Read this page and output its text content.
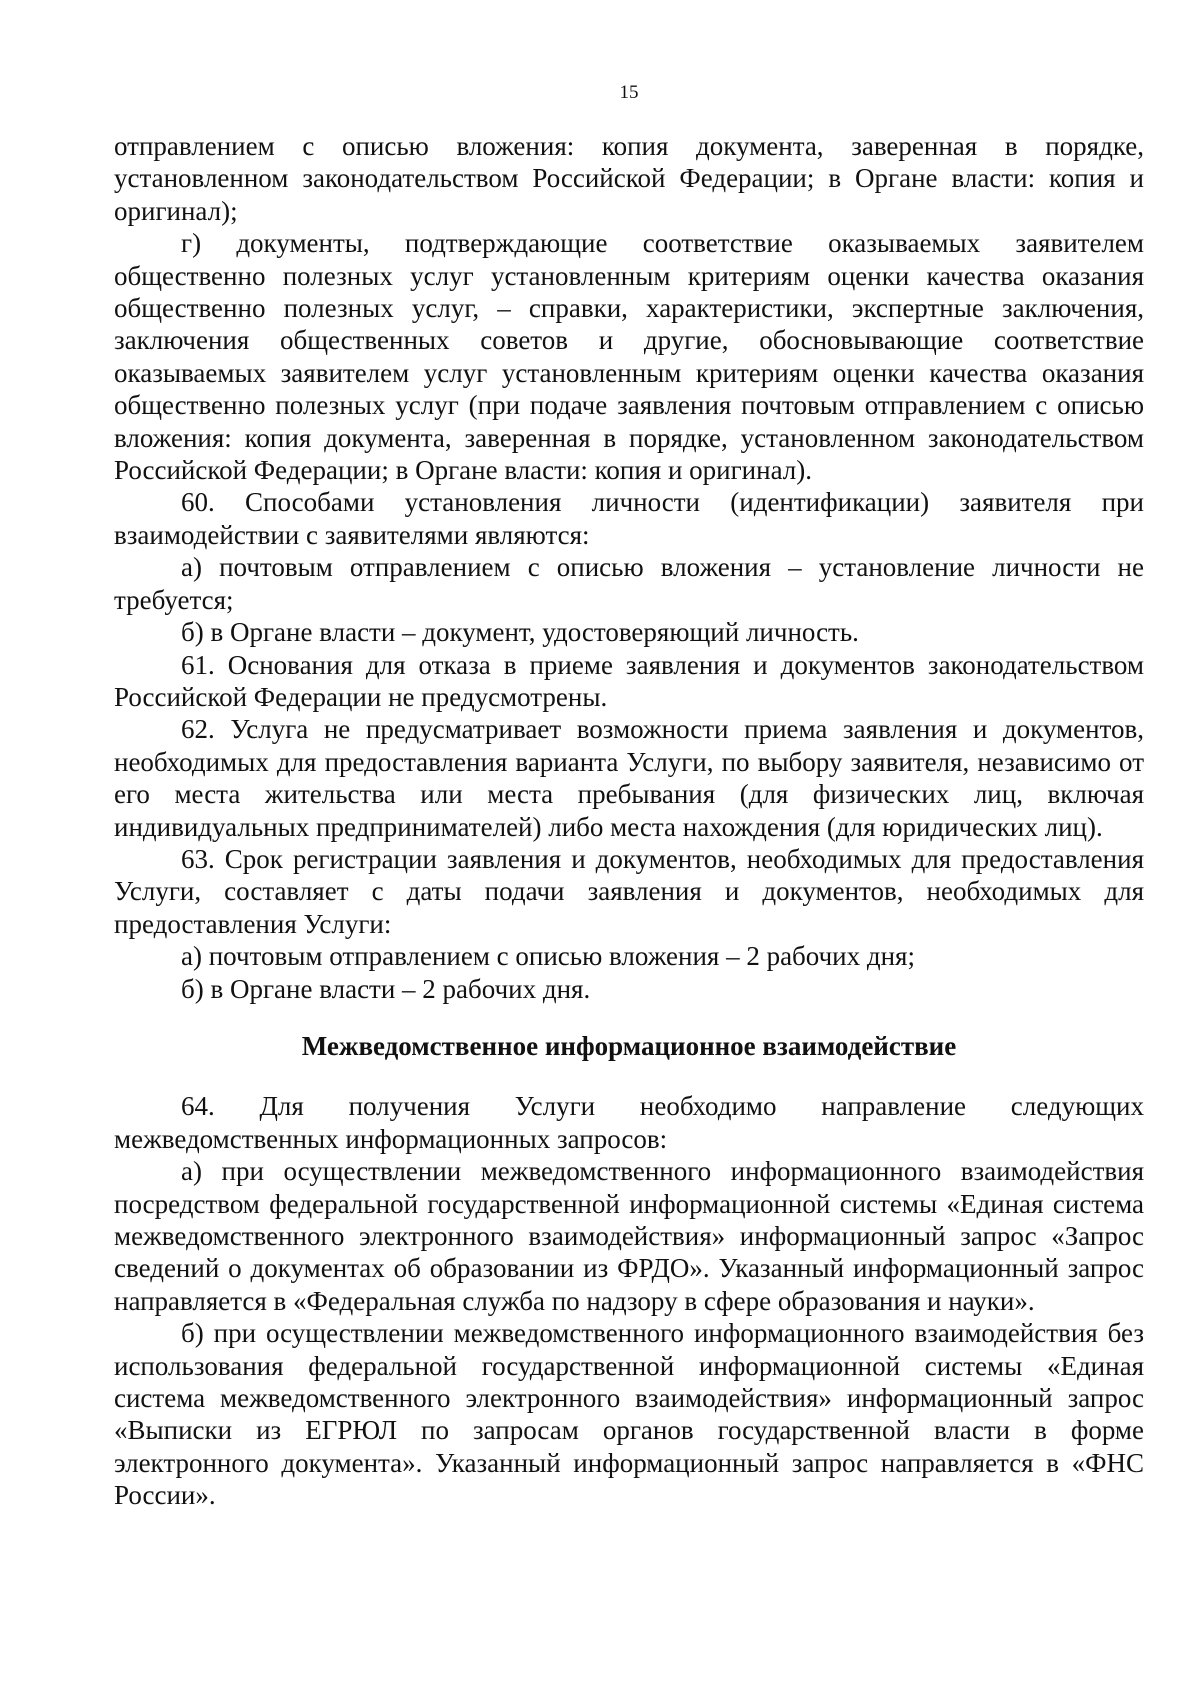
15

отправлением с описью вложения: копия документа, заверенная в порядке, установленном законодательством Российской Федерации; в Органе власти: копия и оригинал);

г) документы, подтверждающие соответствие оказываемых заявителем общественно полезных услуг установленным критериям оценки качества оказания общественно полезных услуг, – справки, характеристики, экспертные заключения, заключения общественных советов и другие, обосновывающие соответствие оказываемых заявителем услуг установленным критериям оценки качества оказания общественно полезных услуг (при подаче заявления почтовым отправлением с описью вложения: копия документа, заверенная в порядке, установленном законодательством Российской Федерации; в Органе власти: копия и оригинал).

60. Способами установления личности (идентификации) заявителя при взаимодействии с заявителями являются:

а) почтовым отправлением с описью вложения – установление личности не требуется;

б) в Органе власти – документ, удостоверяющий личность.

61. Основания для отказа в приеме заявления и документов законодательством Российской Федерации не предусмотрены.

62. Услуга не предусматривает возможности приема заявления и документов, необходимых для предоставления варианта Услуги, по выбору заявителя, независимо от его места жительства или места пребывания (для физических лиц, включая индивидуальных предпринимателей) либо места нахождения (для юридических лиц).

63. Срок регистрации заявления и документов, необходимых для предоставления Услуги, составляет с даты подачи заявления и документов, необходимых для предоставления Услуги:

а) почтовым отправлением с описью вложения – 2 рабочих дня;

б) в Органе власти – 2 рабочих дня.

Межведомственное информационное взаимодействие

64. Для получения Услуги необходимо направление следующих межведомственных информационных запросов:

а) при осуществлении межведомственного информационного взаимодействия посредством федеральной государственной информационной системы «Единая система межведомственного электронного взаимодействия» информационный запрос «Запрос сведений о документах об образовании из ФРДО». Указанный информационный запрос направляется в «Федеральная служба по надзору в сфере образования и науки».

б) при осуществлении межведомственного информационного взаимодействия без использования федеральной государственной информационной системы «Единая система межведомственного электронного взаимодействия» информационный запрос «Выписки из ЕГРЮЛ по запросам органов государственной власти в форме электронного документа». Указанный информационный запрос направляется в «ФНС России».
